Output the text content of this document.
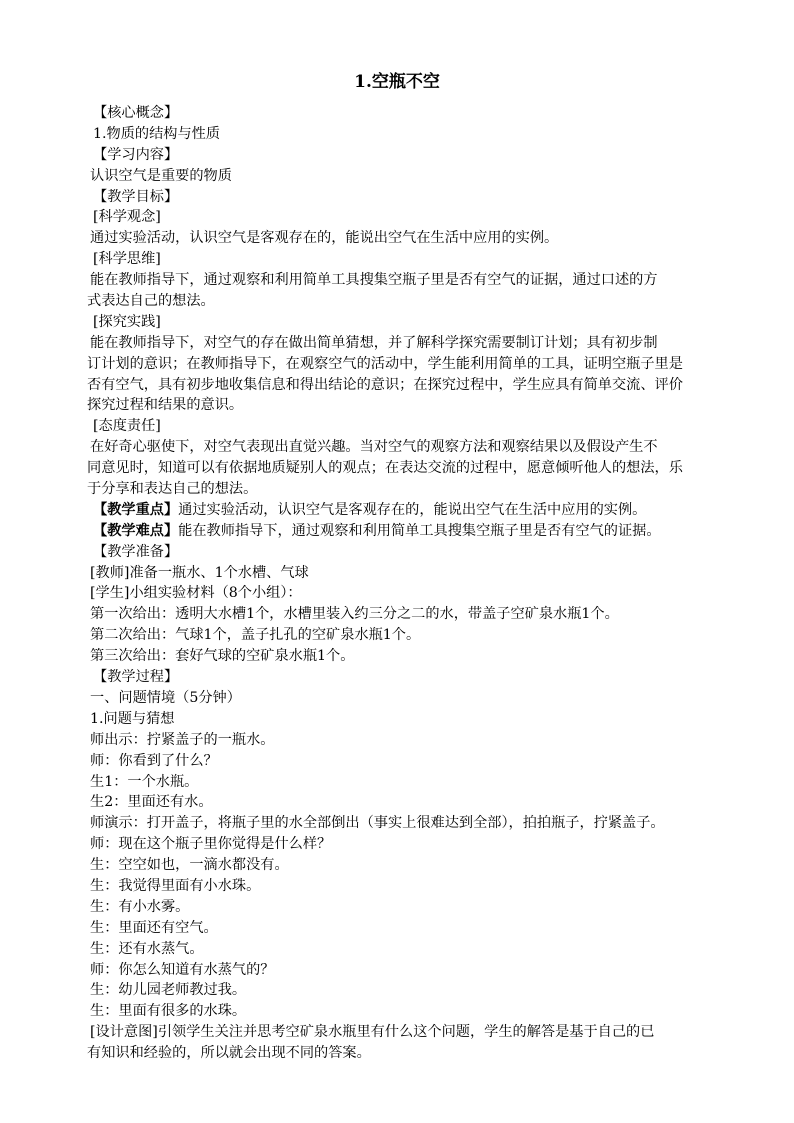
1.空瓶不空
【核心概念】
1.物质的结构与性质
【学习内容】
认识空气是重要的物质
【教学目标】
[科学观念]
通过实验活动，认识空气是客观存在的，能说出空气在生活中应用的实例。
[科学思维]
能在教师指导下，通过观察和利用简单工具搜集空瓶子里是否有空气的证据，通过口述的方
式表达自己的想法。
[探究实践]
能在教师指导下，对空气的存在做出简单猜想，并了解科学探究需要制订计划；具有初步制
订计划的意识；在教师指导下，在观察空气的活动中，学生能利用简单的工具，证明空瓶子里是
否有空气，具有初步地收集信息和得出结论的意识；在探究过程中，学生应具有简单交流、评价
探究过程和结果的意识。
[态度责任]
在好奇心驱使下，对空气表现出直觉兴趣。当对空气的观察方法和观察结果以及假设产生不
同意见时，知道可以有依据地质疑别人的观点；在表达交流的过程中，愿意倾听他人的想法，乐
于分享和表达自己的想法。
【教学重点】通过实验活动，认识空气是客观存在的，能说出空气在生活中应用的实例。
【教学难点】能在教师指导下，通过观察和利用简单工具搜集空瓶子里是否有空气的证据。
【教学准备】
[教师]准备一瓶水、1个水槽、气球
[学生]小组实验材料（8个小组）：
第一次给出：透明大水槽1个，水槽里装入约三分之二的水，带盖子空矿泉水瓶1个。
第二次给出：气球1个，盖子扎孔的空矿泉水瓶1个。
第三次给出：套好气球的空矿泉水瓶1个。
【教学过程】
一、问题情境（5分钟）
1.问题与猜想
师出示：拧紧盖子的一瓶水。
师：你看到了什么？
生1：一个水瓶。
生2：里面还有水。
师演示：打开盖子，将瓶子里的水全部倒出（事实上很难达到全部），拍拍瓶子，拧紧盖子。
师：现在这个瓶子里你觉得是什么样？
生：空空如也，一滴水都没有。
生：我觉得里面有小水珠。
生：有小水雾。
生：里面还有空气。
生：还有水蒸气。
师：你怎么知道有水蒸气的？
生：幼儿园老师教过我。
生：里面有很多的水珠。
[设计意图]引领学生关注并思考空矿泉水瓶里有什么这个问题，学生的解答是基于自己的已
有知识和经验的，所以就会出现不同的答案。
